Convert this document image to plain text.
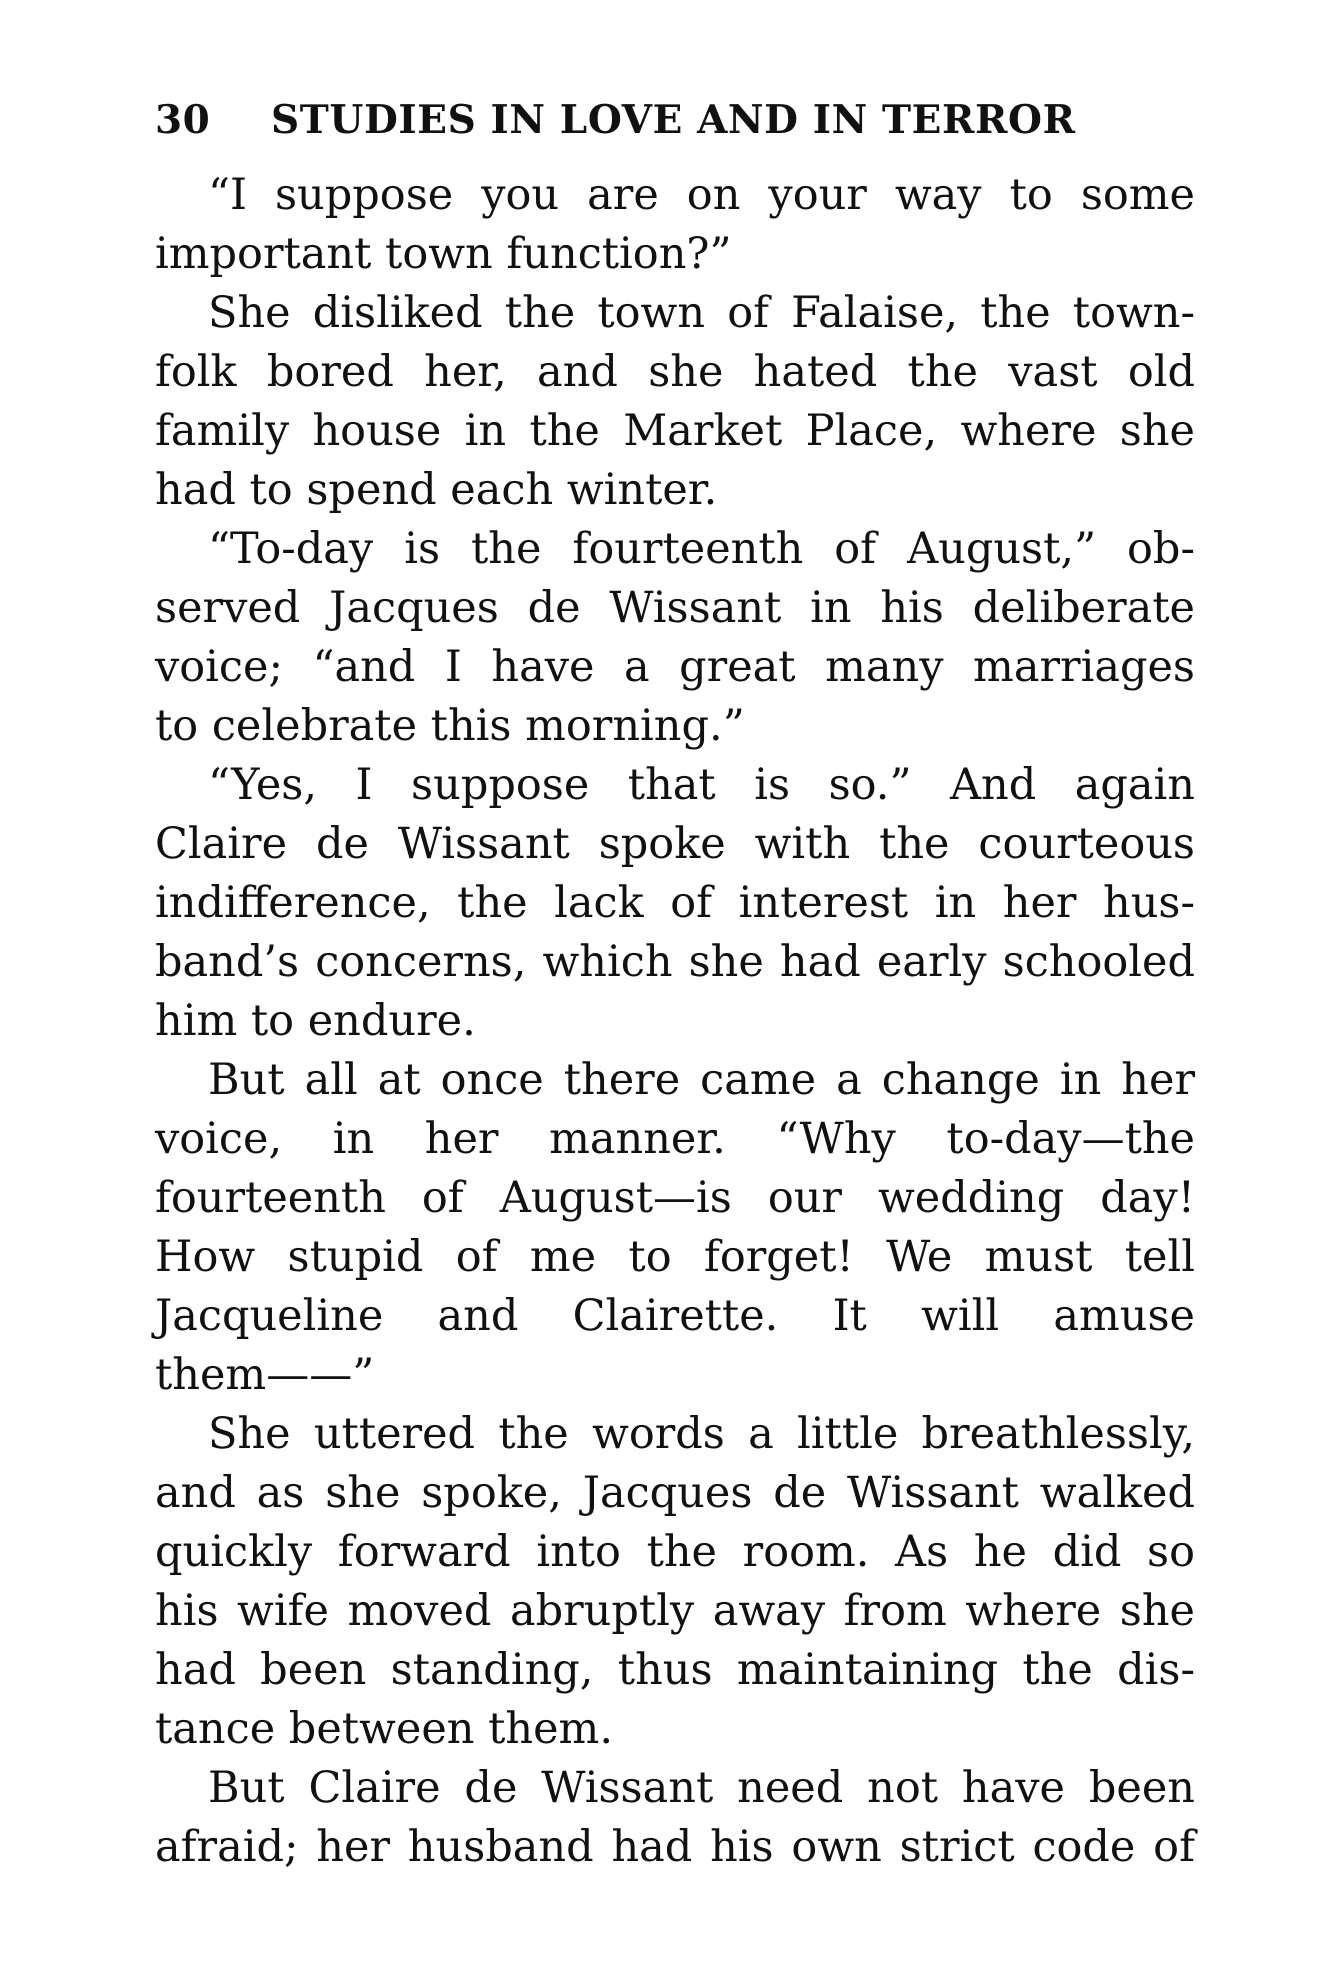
30 STUDIES IN LOVE AND IN TERROR
“I suppose you are on your way to some
important town function?”
She disliked the town of Falaise, the town-
folk bored her, and she hated the vast old
family house in the Market Place, where she
had to spend each winter.
“To-day is the fourteenth of August,” ob-
served Jacques de Wissant in his deliberate
voice; “and I have a great many marriages
to celebrate this morning.”
“Yes, I suppose that is so.” And again
Claire de Wissant spoke with the courteous
indifference, the lack of interest in her hus-
band’s concerns, which she had early schooled
him to endure.
But all at once there came a change in her
voice, in her manner. “Why to-day—the
fourteenth of August—is our wedding day!
How stupid of me to forget! We must tell
Jacqueline and Clairette. It will amuse
them——”
She uttered the words a little breathlessly,
and as she spoke, Jacques de Wissant walked
quickly forward into the room. As he did so
his wife moved abruptly away from where she
had been standing, thus maintaining the dis-
tance between them.
But Claire de Wissant need not have been
afraid; her husband had his own strict code of
